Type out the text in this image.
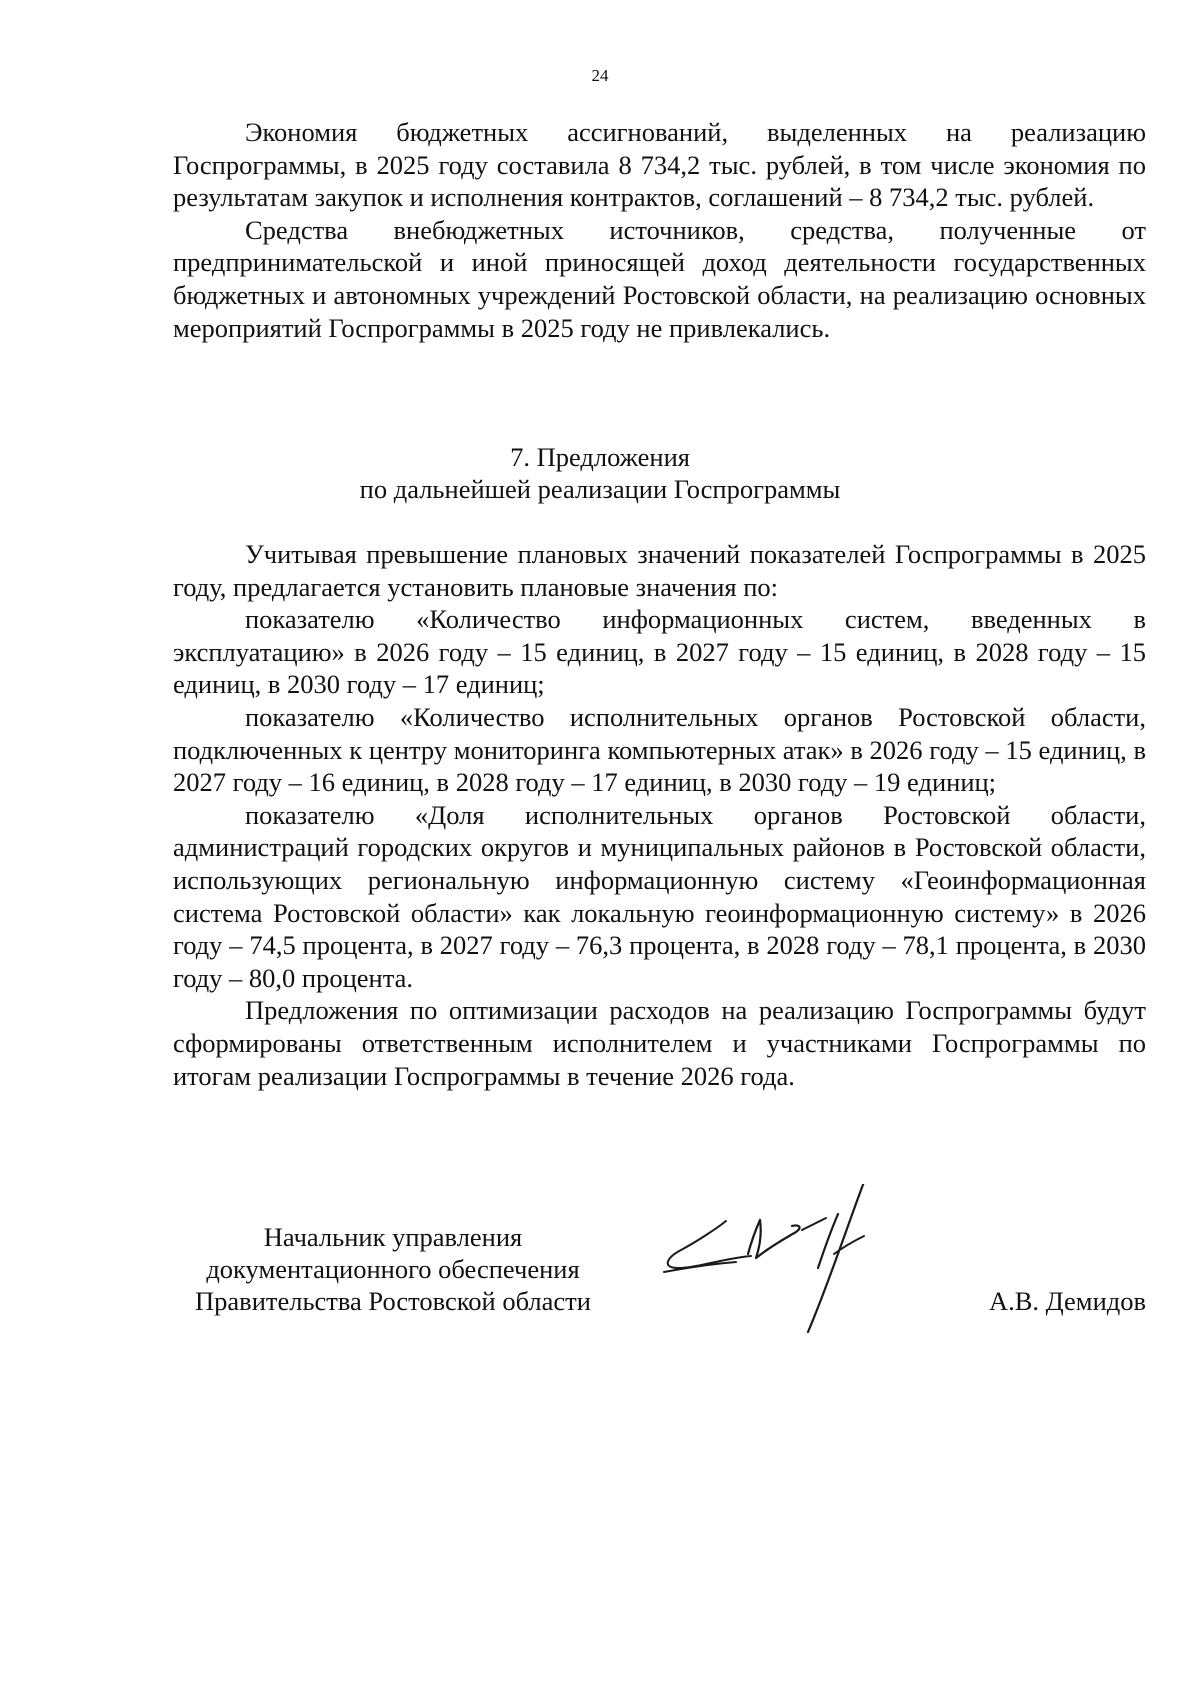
24

Экономия бюджетных ассигнований, выделенных на реализацию Госпрограммы, в 2025 году составила 8 734,2 тыс. рублей, в том числе экономия по результатам закупок и исполнения контрактов, соглашений – 8 734,2 тыс. рублей.

Средства внебюджетных источников, средства, полученные от предпринимательской и иной приносящей доход деятельности государственных бюджетных и автономных учреждений Ростовской области, на реализацию основных мероприятий Госпрограммы в 2025 году не привлекались.

7. Предложения
по дальнейшей реализации Госпрограммы

Учитывая превышение плановых значений показателей Госпрограммы в 2025 году, предлагается установить плановые значения по:

показателю «Количество информационных систем, введенных в эксплуатацию» в 2026 году – 15 единиц, в 2027 году – 15 единиц, в 2028 году – 15 единиц, в 2030 году – 17 единиц;

показателю «Количество исполнительных органов Ростовской области, подключенных к центру мониторинга компьютерных атак» в 2026 году – 15 единиц, в 2027 году – 16 единиц, в 2028 году – 17 единиц, в 2030 году – 19 единиц;

показателю «Доля исполнительных органов Ростовской области, администраций городских округов и муниципальных районов в Ростовской области, использующих региональную информационную систему «Геоинформационная система Ростовской области» как локальную геоинформационную систему» в 2026 году – 74,5 процента, в 2027 году – 76,3 процента, в 2028 году – 78,1 процента, в 2030 году – 80,0 процента.

Предложения по оптимизации расходов на реализацию Госпрограммы будут сформированы ответственным исполнителем и участниками Госпрограммы по итогам реализации Госпрограммы в течение 2026 года.

Начальник управления
документационного обеспечения
Правительства Ростовской области	А.В. Демидов
